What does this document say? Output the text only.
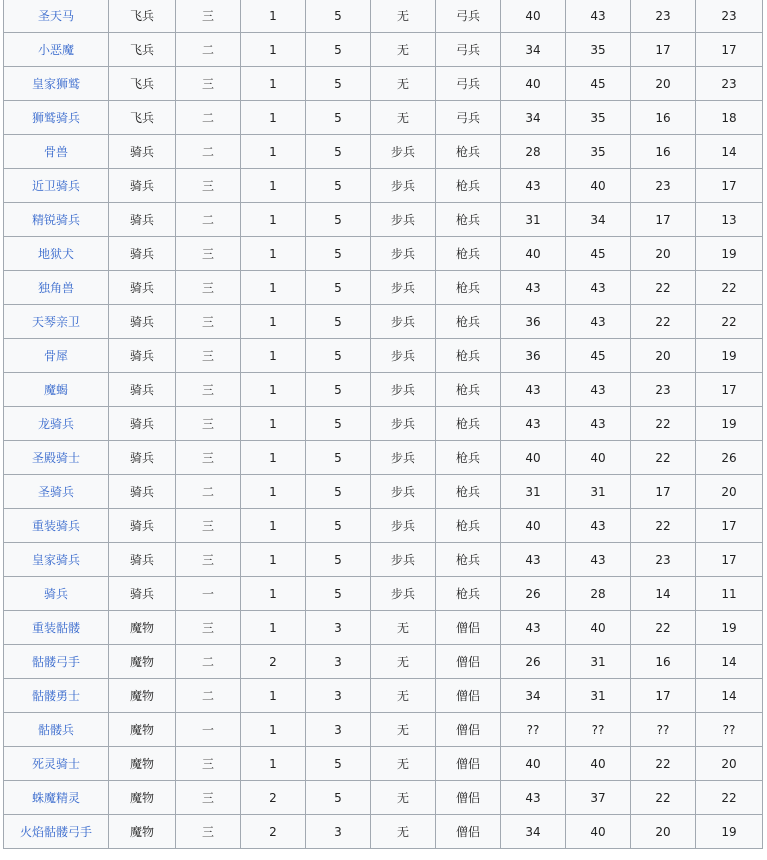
圣天马	飞兵	三	1	5	无	弓兵	40	43	23	23
小恶魔	飞兵	二	1	5	无	弓兵	34	35	17	17
皇家狮鹫	飞兵	三	1	5	无	弓兵	40	45	20	23
狮鹫骑兵	飞兵	二	1	5	无	弓兵	34	35	16	18
骨兽	骑兵	二	1	5	步兵	枪兵	28	35	16	14
近卫骑兵	骑兵	三	1	5	步兵	枪兵	43	40	23	17
精锐骑兵	骑兵	二	1	5	步兵	枪兵	31	34	17	13
地狱犬	骑兵	三	1	5	步兵	枪兵	40	45	20	19
独角兽	骑兵	三	1	5	步兵	枪兵	43	43	22	22
天琴亲卫	骑兵	三	1	5	步兵	枪兵	36	43	22	22
骨犀	骑兵	三	1	5	步兵	枪兵	36	45	20	19
魔蝎	骑兵	三	1	5	步兵	枪兵	43	43	23	17
龙骑兵	骑兵	三	1	5	步兵	枪兵	43	43	22	19
圣殿骑士	骑兵	三	1	5	步兵	枪兵	40	40	22	26
圣骑兵	骑兵	二	1	5	步兵	枪兵	31	31	17	20
重装骑兵	骑兵	三	1	5	步兵	枪兵	40	43	22	17
皇家骑兵	骑兵	三	1	5	步兵	枪兵	43	43	23	17
骑兵	骑兵	一	1	5	步兵	枪兵	26	28	14	11
重装骷髅	魔物	三	1	3	无	僧侣	43	40	22	19
骷髅弓手	魔物	二	2	3	无	僧侣	26	31	16	14
骷髅勇士	魔物	二	1	3	无	僧侣	34	31	17	14
骷髅兵	魔物	一	1	3	无	僧侣	??	??	??	??
死灵骑士	魔物	三	1	5	无	僧侣	40	40	22	20
蛛魔精灵	魔物	三	2	5	无	僧侣	43	37	22	22
火焰骷髅弓手	魔物	三	2	3	无	僧侣	34	40	20	19
